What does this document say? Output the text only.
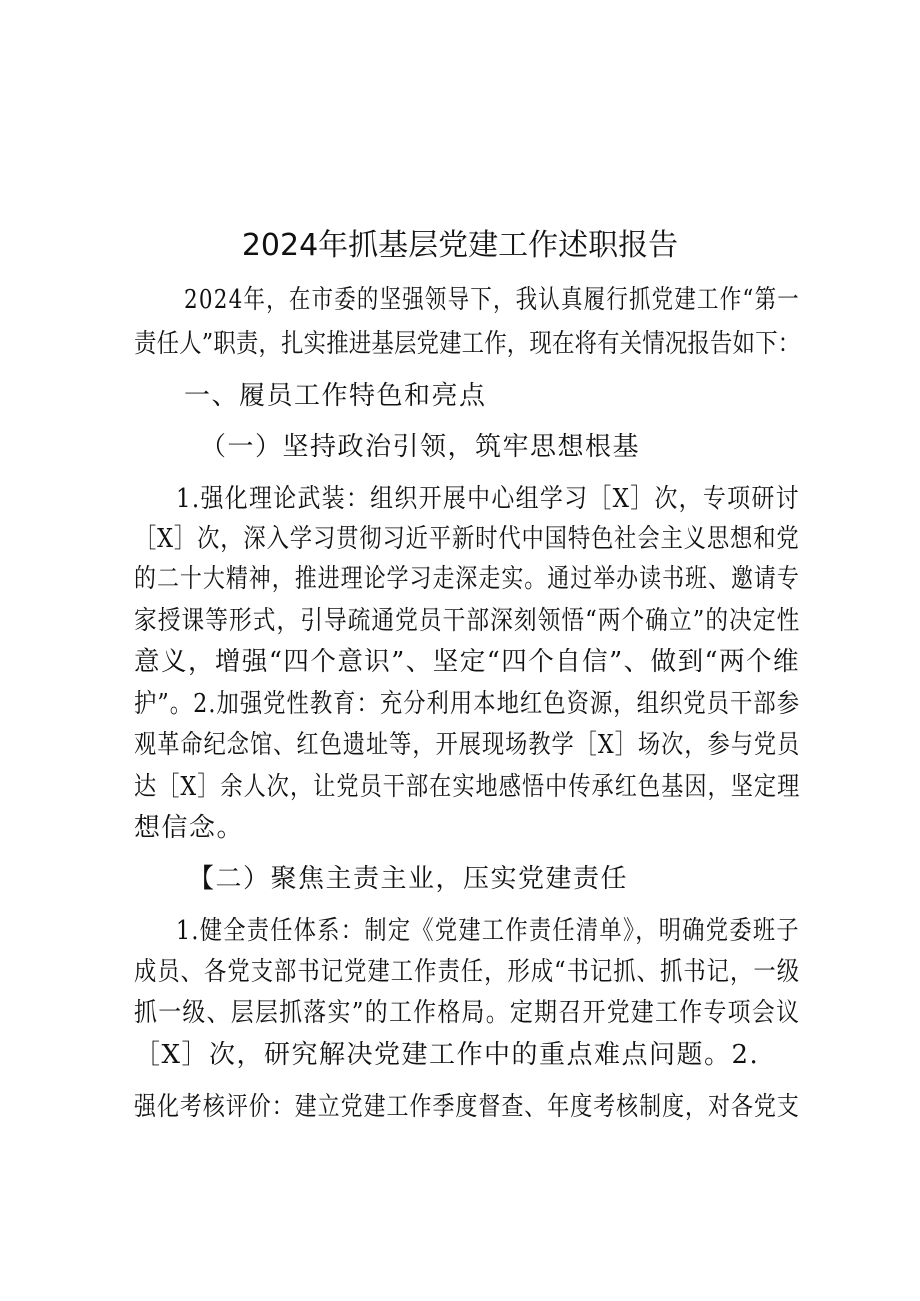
2024年抓基层党建工作述职报告
2024年，在市委的坚强领导下，我认真履行抓党建工作“第一
责任人”职责，扎实推进基层党建工作，现在将有关情况报告如下：
一、履员工作特色和亮点
（一）坚持政治引领，筑牢思想根基
1.强化理论武装：组织开展中心组学习［X］次，专项研讨
［X］次，深入学习贯彻习近平新时代中国特色社会主义思想和党
的二十大精神，推进理论学习走深走实。通过举办读书班、邀请专
家授课等形式，引导疏通党员干部深刻领悟“两个确立”的决定性
意义，增强“四个意识”、坚定“四个自信”、做到“两个维
护”。2.加强党性教育：充分利用本地红色资源，组织党员干部参
观革命纪念馆、红色遗址等，开展现场教学［X］场次，参与党员
达［X］余人次，让党员干部在实地感悟中传承红色基因，坚定理
想信念。
【二）聚焦主责主业，压实党建责任
1.健全责任体系：制定《党建工作责任清单》，明确党委班子
成员、各党支部书记党建工作责任，形成“书记抓、抓书记，一级
抓一级、层层抓落实”的工作格局。定期召开党建工作专项会议
［X］次，研究解决党建工作中的重点难点问题。2.
强化考核评价：建立党建工作季度督查、年度考核制度，对各党支
